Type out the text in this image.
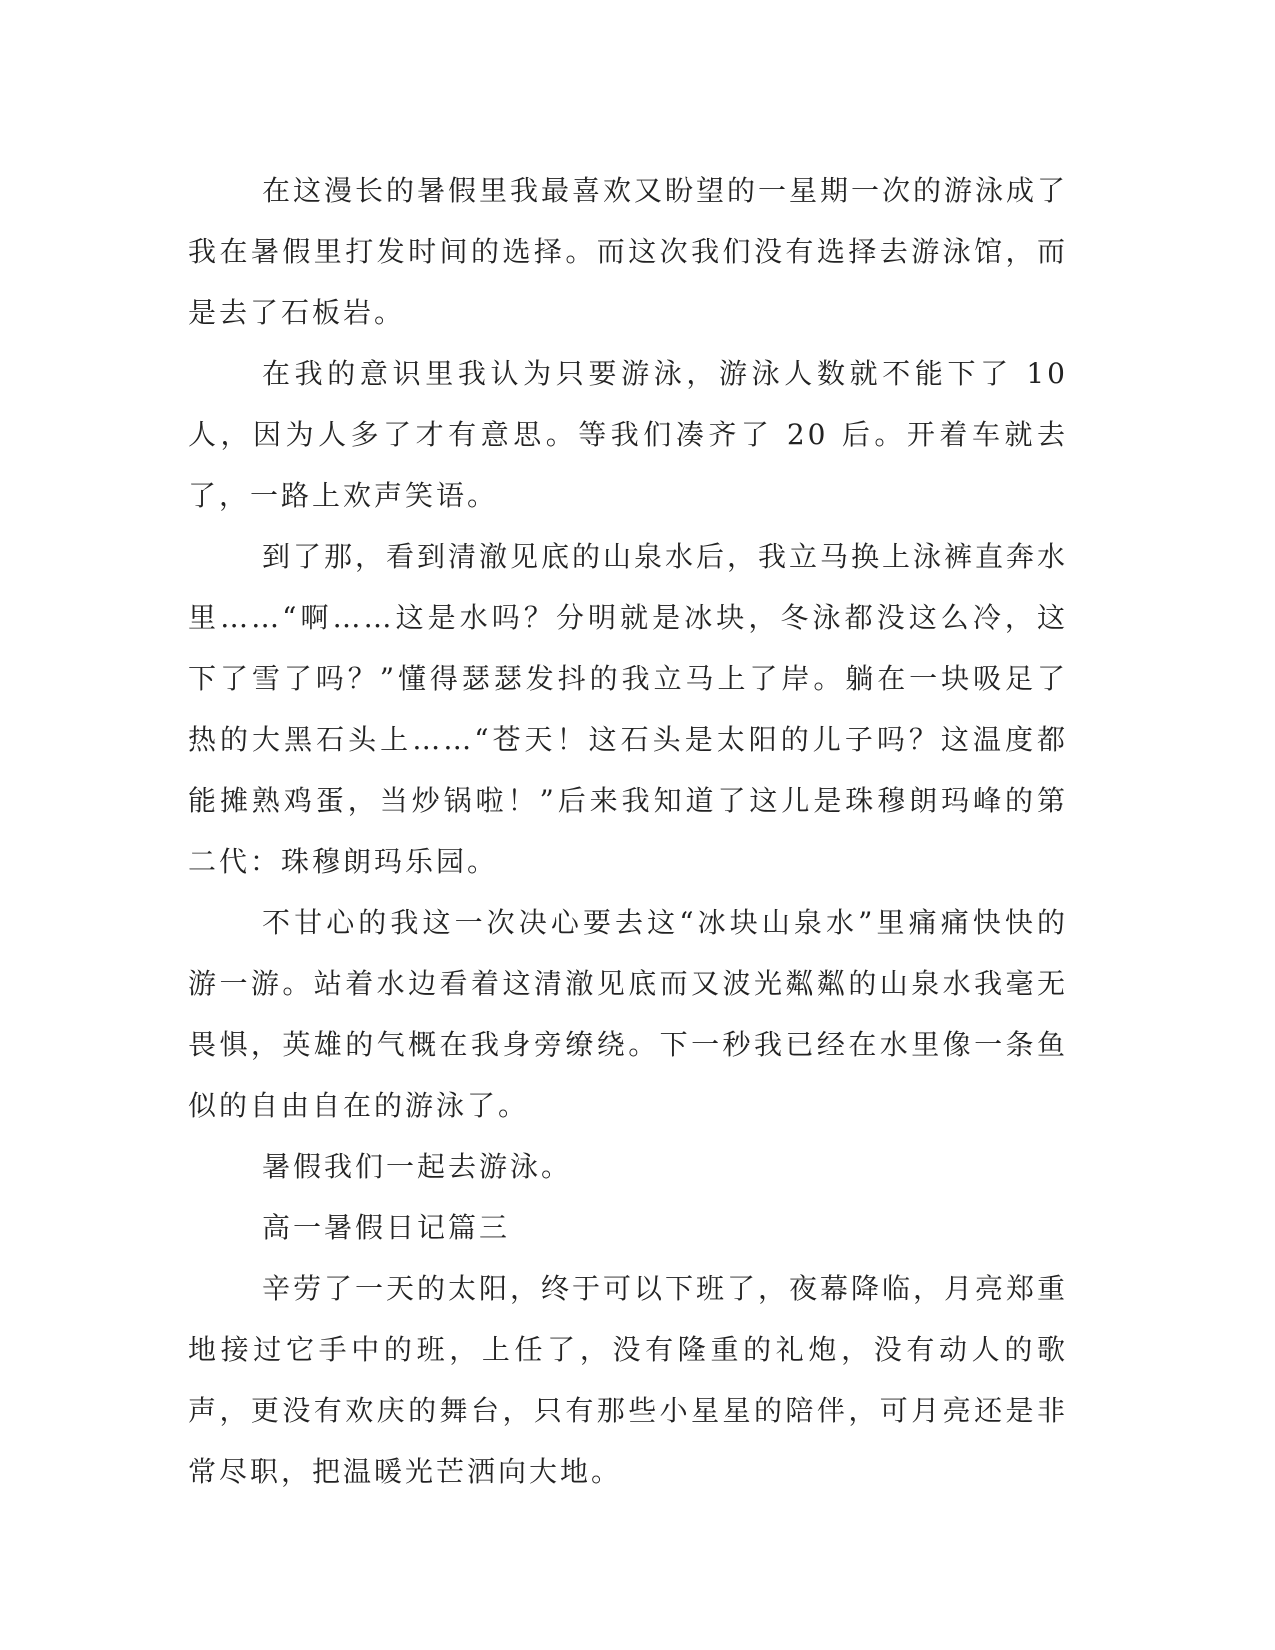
在这漫长的暑假里我最喜欢又盼望的一星期一次的游泳成了我在暑假里打发时间的选择。而这次我们没有选择去游泳馆，而是去了石板岩。

在我的意识里我认为只要游泳，游泳人数就不能下了 10 人，因为人多了才有意思。等我们凑齐了 20 后。开着车就去了，一路上欢声笑语。

到了那，看到清澈见底的山泉水后，我立马换上泳裤直奔水里……“啊……这是水吗？分明就是冰块，冬泳都没这么冷，这下了雪了吗？”懂得瑟瑟发抖的我立马上了岸。躺在一块吸足了热的大黑石头上……“苍天！这石头是太阳的儿子吗？这温度都能摊熟鸡蛋，当炒锅啦！”后来我知道了这儿是珠穆朗玛峰的第二代：珠穆朗玛乐园。

不甘心的我这一次决心要去这“冰块山泉水”里痛痛快快的游一游。站着水边看着这清澈见底而又波光粼粼的山泉水我毫无畏惧，英雄的气概在我身旁缭绕。下一秒我已经在水里像一条鱼似的自由自在的游泳了。

暑假我们一起去游泳。

高一暑假日记篇三

辛劳了一天的太阳，终于可以下班了，夜幕降临，月亮郑重地接过它手中的班，上任了，没有隆重的礼炮，没有动人的歌声，更没有欢庆的舞台，只有那些小星星的陪伴，可月亮还是非常尽职，把温暖光芒洒向大地。
